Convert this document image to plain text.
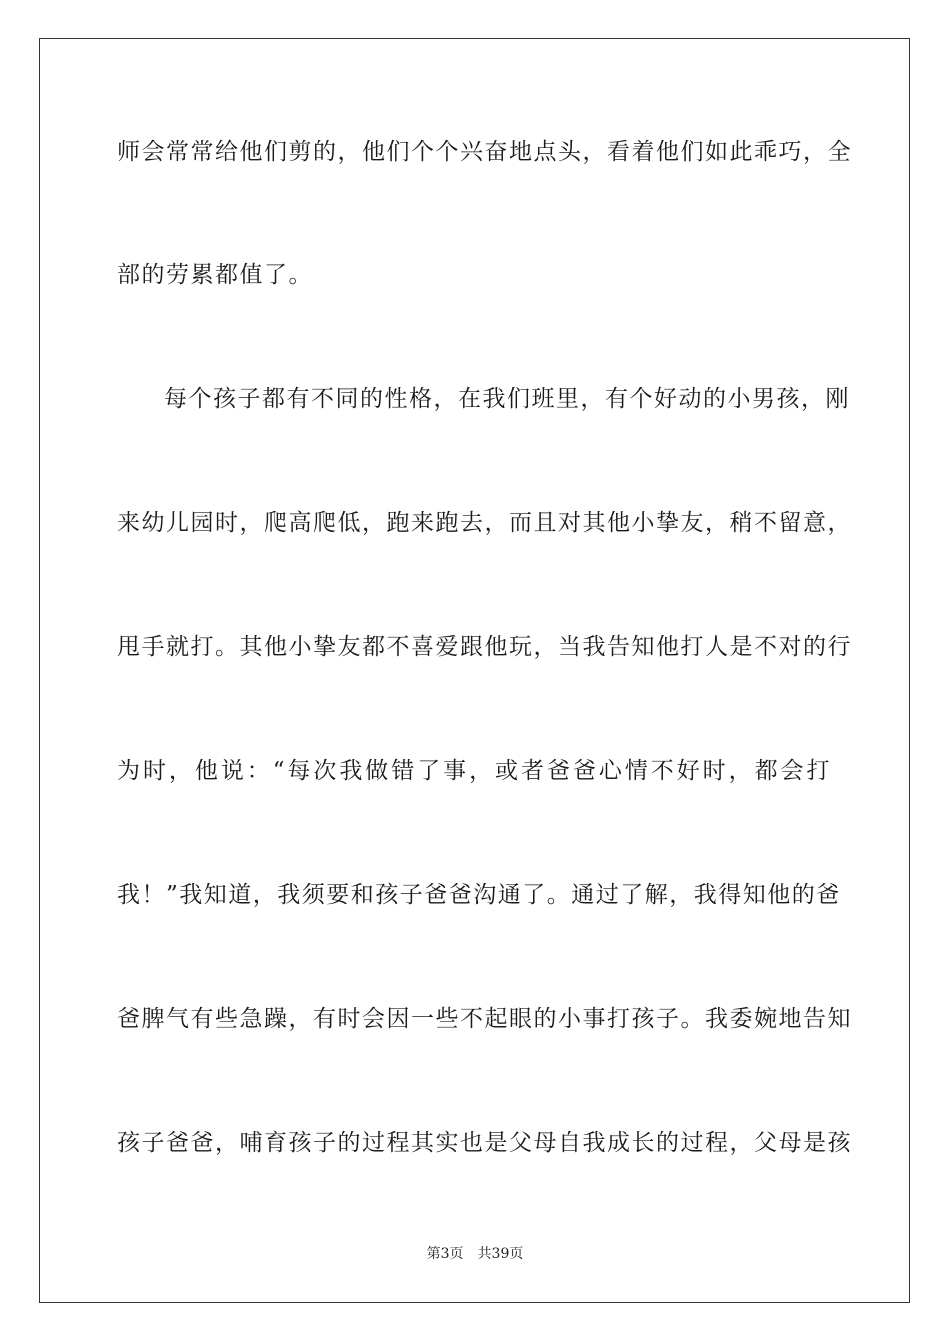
师会常常给他们剪的，他们个个兴奋地点头，看着他们如此乖巧，全
部的劳累都值了。
每个孩子都有不同的性格，在我们班里，有个好动的小男孩，刚
来幼儿园时，爬高爬低，跑来跑去，而且对其他小挚友，稍不留意，
甩手就打。其他小挚友都不喜爱跟他玩，当我告知他打人是不对的行
为时，他说：“每次我做错了事，或者爸爸心情不好时，都会打
我！”我知道，我须要和孩子爸爸沟通了。通过了解，我得知他的爸
爸脾气有些急躁，有时会因一些不起眼的小事打孩子。我委婉地告知
孩子爸爸，哺育孩子的过程其实也是父母自我成长的过程，父母是孩
第3页 共39页
